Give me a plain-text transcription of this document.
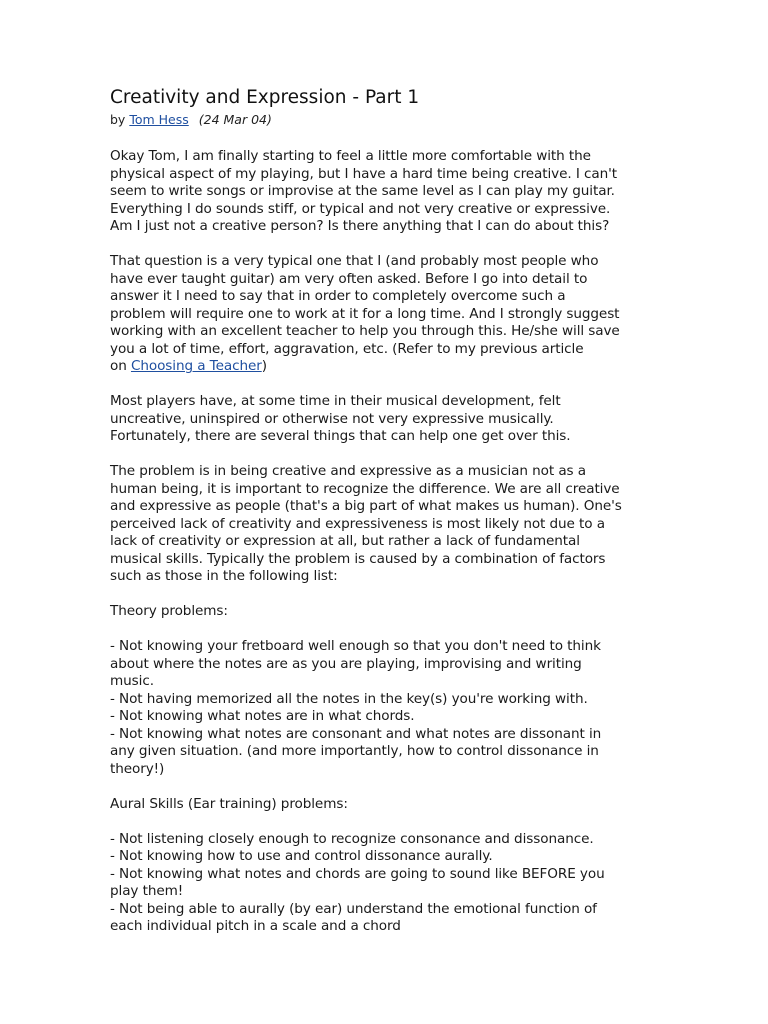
Creativity and Expression - Part 1
by Tom Hess (24 Mar 04)

Okay Tom, I am finally starting to feel a little more comfortable with the
physical aspect of my playing, but I have a hard time being creative. I can't
seem to write songs or improvise at the same level as I can play my guitar.
Everything I do sounds stiff, or typical and not very creative or expressive.
Am I just not a creative person? Is there anything that I can do about this?

That question is a very typical one that I (and probably most people who
have ever taught guitar) am very often asked. Before I go into detail to
answer it I need to say that in order to completely overcome such a
problem will require one to work at it for a long time. And I strongly suggest
working with an excellent teacher to help you through this. He/she will save
you a lot of time, effort, aggravation, etc. (Refer to my previous article
on Choosing a Teacher)

Most players have, at some time in their musical development, felt
uncreative, uninspired or otherwise not very expressive musically.
Fortunately, there are several things that can help one get over this.

The problem is in being creative and expressive as a musician not as a
human being, it is important to recognize the difference. We are all creative
and expressive as people (that's a big part of what makes us human). One's
perceived lack of creativity and expressiveness is most likely not due to a
lack of creativity or expression at all, but rather a lack of fundamental
musical skills. Typically the problem is caused by a combination of factors
such as those in the following list:

Theory problems:

- Not knowing your fretboard well enough so that you don't need to think
about where the notes are as you are playing, improvising and writing
music.
- Not having memorized all the notes in the key(s) you're working with.
- Not knowing what notes are in what chords.
- Not knowing what notes are consonant and what notes are dissonant in
any given situation. (and more importantly, how to control dissonance in
theory!)

Aural Skills (Ear training) problems:

- Not listening closely enough to recognize consonance and dissonance.
- Not knowing how to use and control dissonance aurally.
- Not knowing what notes and chords are going to sound like BEFORE you
play them!
- Not being able to aurally (by ear) understand the emotional function of
each individual pitch in a scale and a chord
